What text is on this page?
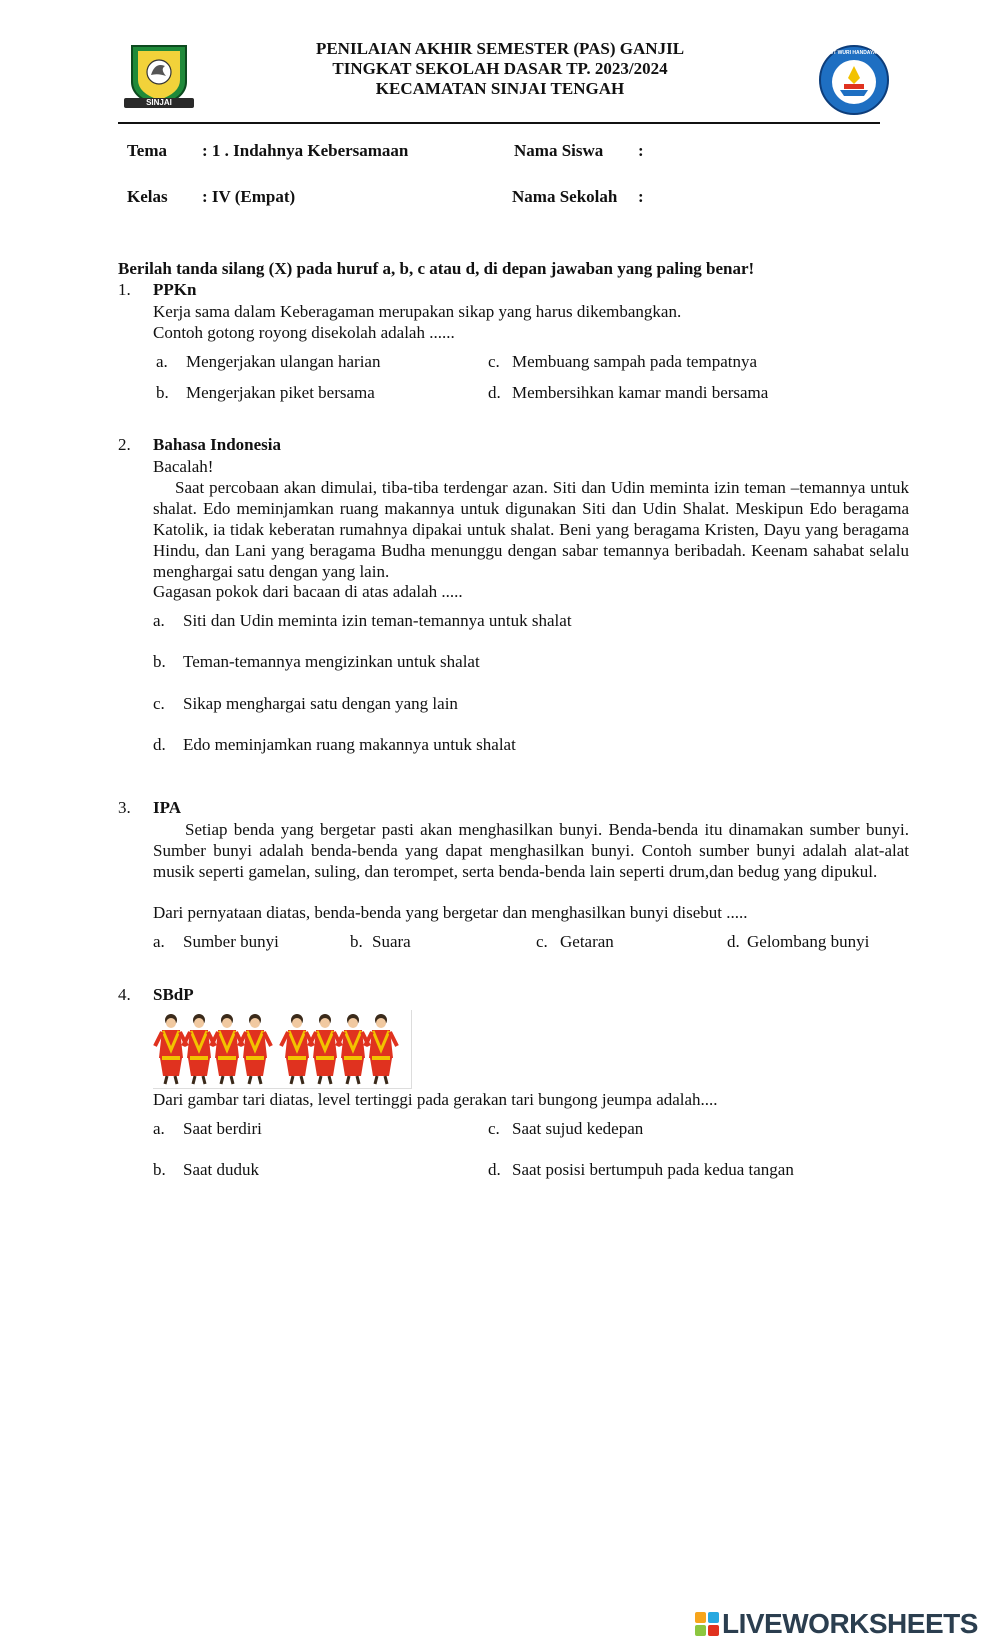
SINJAI
TUT WURI HANDAYANI
PENILAIAN AKHIR SEMESTER (PAS) GANJIL
TINGKAT SEKOLAH DASAR TP. 2023/2024
KECAMATAN SINJAI TENGAH
Tema : 1 . Indahnya Kebersamaan	Nama Siswa :
Kelas : IV (Empat)	Nama Sekolah :
Berilah tanda silang (X) pada huruf a, b, c atau d, di depan jawaban yang paling benar!
1. PPKn
Kerja sama dalam Keberagaman merupakan sikap yang harus dikembangkan.
Contoh gotong royong disekolah adalah ......
a.	Mengerjakan ulangan harian	c. Membuang sampah pada tempatnya
b.	Mengerjakan piket bersama	d. Membersihkan kamar mandi bersama
2. Bahasa Indonesia
Bacalah!
Saat percobaan akan dimulai, tiba-tiba terdengar azan. Siti dan Udin meminta izin teman –temannya untuk shalat. Edo meminjamkan ruang makannya untuk digunakan Siti dan Udin Shalat. Meskipun Edo beragama Katolik, ia tidak keberatan rumahnya dipakai untuk shalat. Beni yang beragama Kristen, Dayu yang beragama Hindu, dan Lani yang beragama Budha menunggu dengan sabar temannya beribadah. Keenam sahabat selalu menghargai satu dengan yang lain.
Gagasan pokok dari bacaan di atas adalah .....
a.	Siti dan Udin meminta izin teman-temannya untuk shalat
b.	Teman-temannya mengizinkan untuk shalat
c.	Sikap menghargai satu dengan yang lain
d.	Edo meminjamkan ruang makannya untuk shalat
3. IPA
Setiap benda yang bergetar pasti akan menghasilkan bunyi. Benda-benda itu dinamakan sumber bunyi. Sumber bunyi adalah benda-benda yang dapat menghasilkan bunyi. Contoh sumber bunyi adalah alat-alat musik seperti gamelan, suling, dan terompet, serta benda-benda lain seperti drum,dan bedug yang dipukul.
Dari pernyataan diatas, benda-benda yang bergetar dan menghasilkan bunyi disebut .....
a.	Sumber bunyi	b. Suara	c. Getaran	d. Gelombang bunyi
4. SBdP
Dari gambar tari diatas, level tertinggi pada gerakan tari bungong jeumpa adalah....
a.	Saat berdiri	c. Saat sujud kedepan
b.	Saat duduk	d. Saat posisi bertumpuh pada kedua tangan
LIVEWORKSHEETS
